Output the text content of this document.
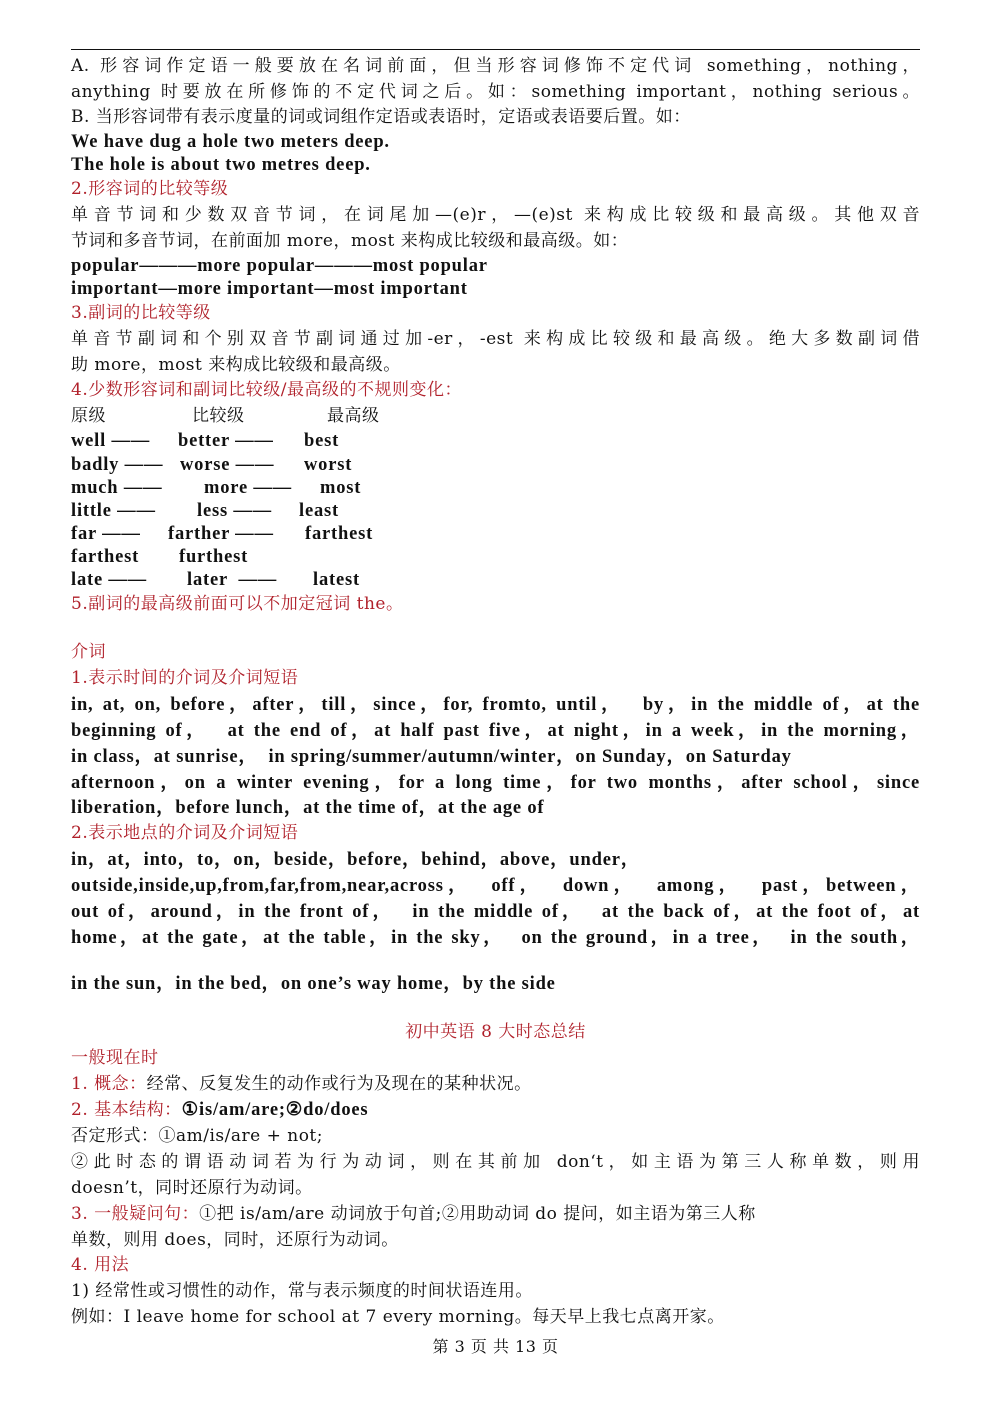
A. 形容词作定语一般要放在名词前面，但当形容词修饰不定代词 something，nothing，
anything 时要放在所修饰的不定代词之后。如：something important，nothing serious。
B. 当形容词带有表示度量的词或词组作定语或表语时，定语或表语要后置。如：
We have dug a hole two meters deep.
The hole is about two metres deep.
2.形容词的比较等级
单音节词和少数双音节词，在词尾加—(e)r，—(e)st 来构成比较级和最高级。其他双音
节词和多音节词，在前面加 more，most 来构成比较级和最高级。如：
popular———more popular———most popular
important—more important—most important
3.副词的比较等级
单音节副词和个别双音节副词通过加-er，-est 来构成比较级和最高级。绝大多数副词借
助 more，most 来构成比较级和最高级。
4.少数形容词和副词比较级/最高级的不规则变化：
原级	比较级	最高级
well —— better —— best
badly —— worse —— worst
much —— more —— most
little —— less —— least
far —— farther —— farthest
farthest furthest
late —— later  —— latest
5.副词的最高级前面可以不加定冠词 the。
介词
1.表示时间的介词及介词短语
in, at, on, before，after，till，since，for, fromto, until，  by，in the middle of，at the
beginning of，  at the end of，at half past five，at night，in a week，in the morning，
in class，at sunrise，  in spring/summer/autumn/winter，on Sunday，on Saturday
afternoon，on a winter evening，for a long time，for two months，after school，since
liberation，before lunch，at the time of，at the age of
2.表示地点的介词及介词短语
in，at，into，to，on，beside，before，behind，above，under，
outside,inside,up,from,far,from,near,across，  off，  down，  among，  past，between，
out of，around，in the front of，  in the middle of，  at the back of，at the foot of，at
home，at the gate，at the table，in the sky，  on the ground，in a tree，  in the south，
in the sun，in the bed，on one’s way home，by the side
初中英语 8 大时态总结
一般现在时
1. 概念：经常、反复发生的动作或行为及现在的某种状况。
2. 基本结构：①is/am/are;②do/does
否定形式：①am/is/are + not;
②此时态的谓语动词若为行为动词，则在其前加 don‘t，如主语为第三人称单数，则用
doesn’t，同时还原行为动词。
3. 一般疑问句：①把 is/am/are 动词放于句首;②用助动词 do 提问，如主语为第三人称
单数，则用 does，同时，还原行为动词。
4. 用法
1) 经常性或习惯性的动作，常与表示频度的时间状语连用。
例如：I leave home for school at 7 every morning。每天早上我七点离开家。
第 3 页 共 13 页
